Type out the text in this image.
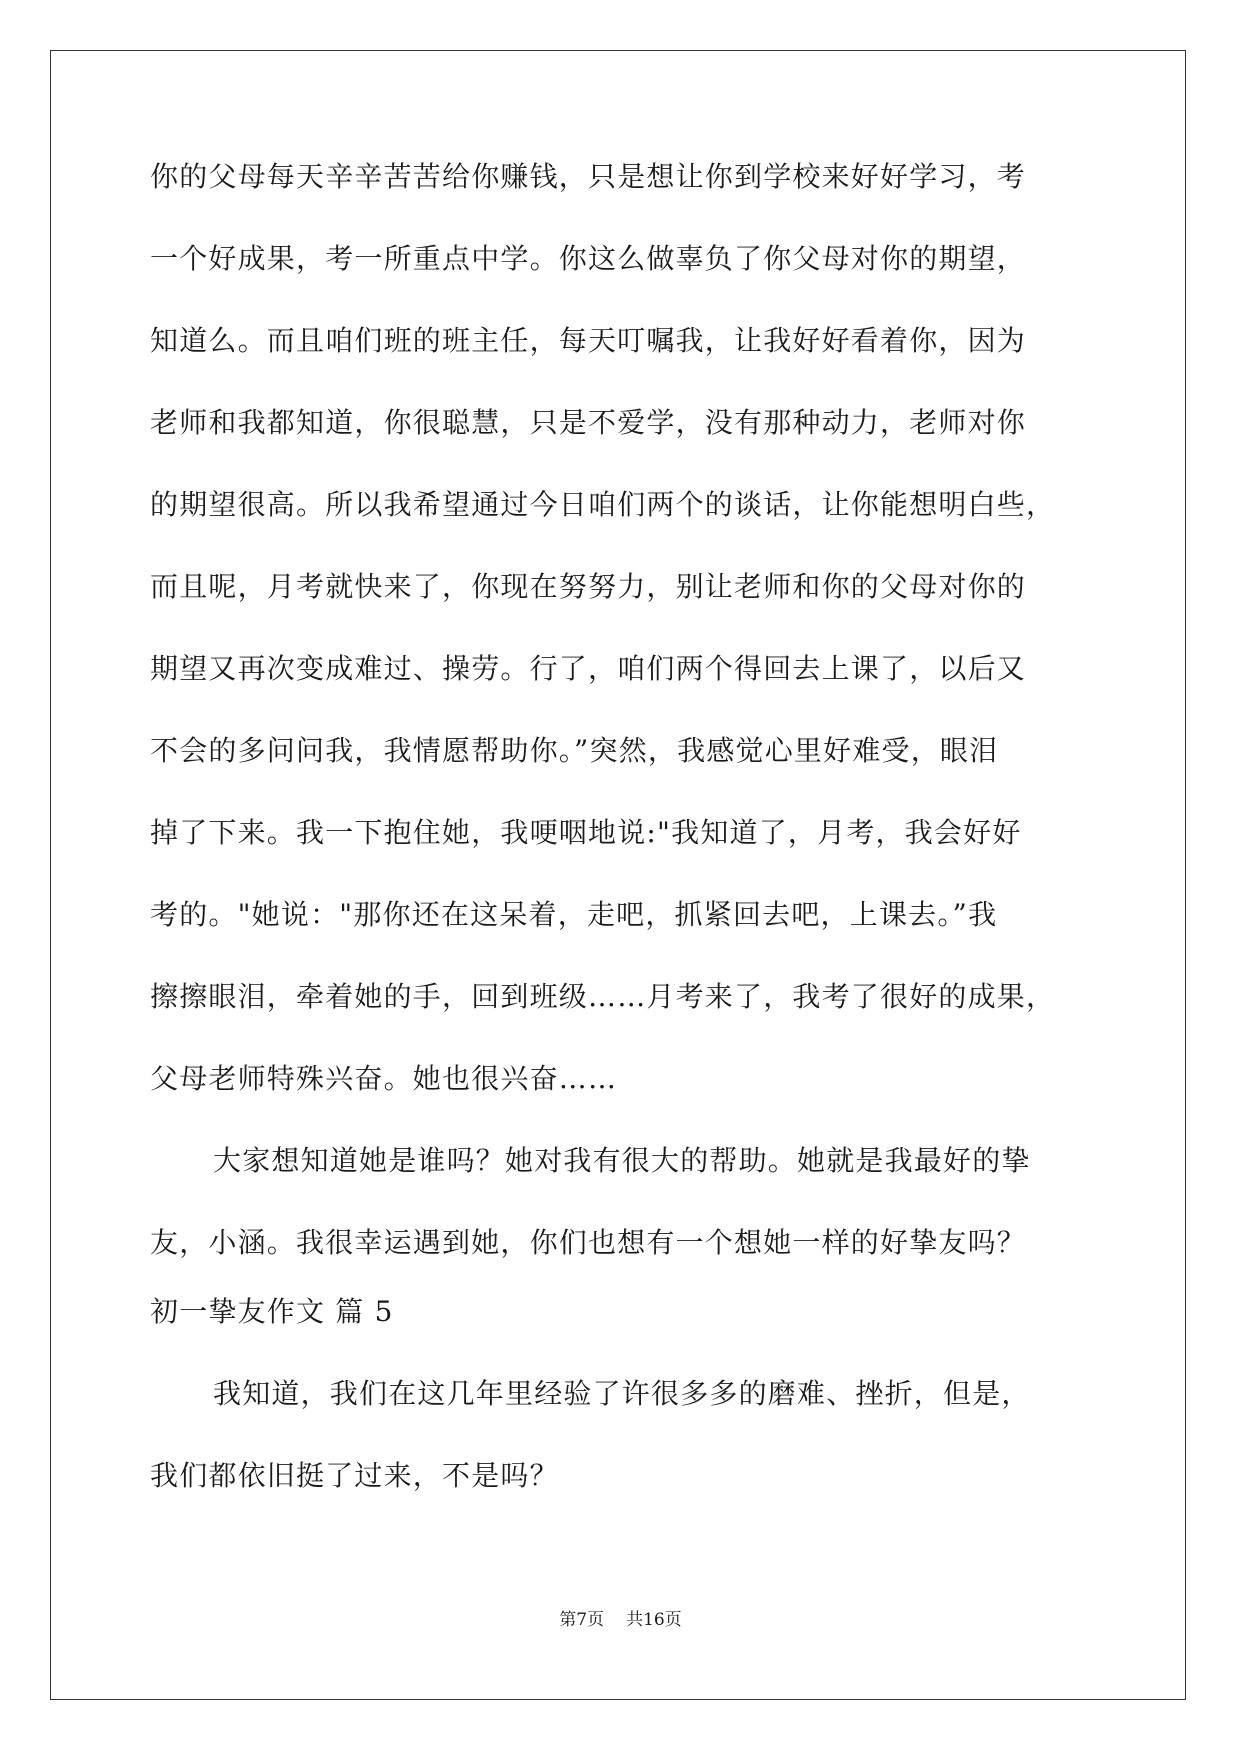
你的父母每天辛辛苦苦给你赚钱，只是想让你到学校来好好学习，考

一个好成果，考一所重点中学。你这么做辜负了你父母对你的期望，

知道么。而且咱们班的班主任，每天叮嘱我，让我好好看着你，因为

老师和我都知道，你很聪慧，只是不爱学，没有那种动力，老师对你

的期望很高。所以我希望通过今日咱们两个的谈话，让你能想明白些，

而且呢，月考就快来了，你现在努努力，别让老师和你的父母对你的

期望又再次变成难过、操劳。行了，咱们两个得回去上课了，以后又

不会的多问问我，我情愿帮助你。”突然，我感觉心里好难受，眼泪

掉了下来。我一下抱住她，我哽咽地说:"我知道了，月考，我会好好

考的。"她说："那你还在这呆着，走吧，抓紧回去吧，上课去。”我

擦擦眼泪，牵着她的手，回到班级……月考来了，我考了很好的成果，

父母老师特殊兴奋。她也很兴奋……

大家想知道她是谁吗？她对我有很大的帮助。她就是我最好的挚

友，小涵。我很幸运遇到她，你们也想有一个想她一样的好挚友吗？

初一挚友作文 篇 5

我知道，我们在这几年里经验了许很多多的磨难、挫折，但是，

我们都依旧挺了过来，不是吗？

第7页 共16页
